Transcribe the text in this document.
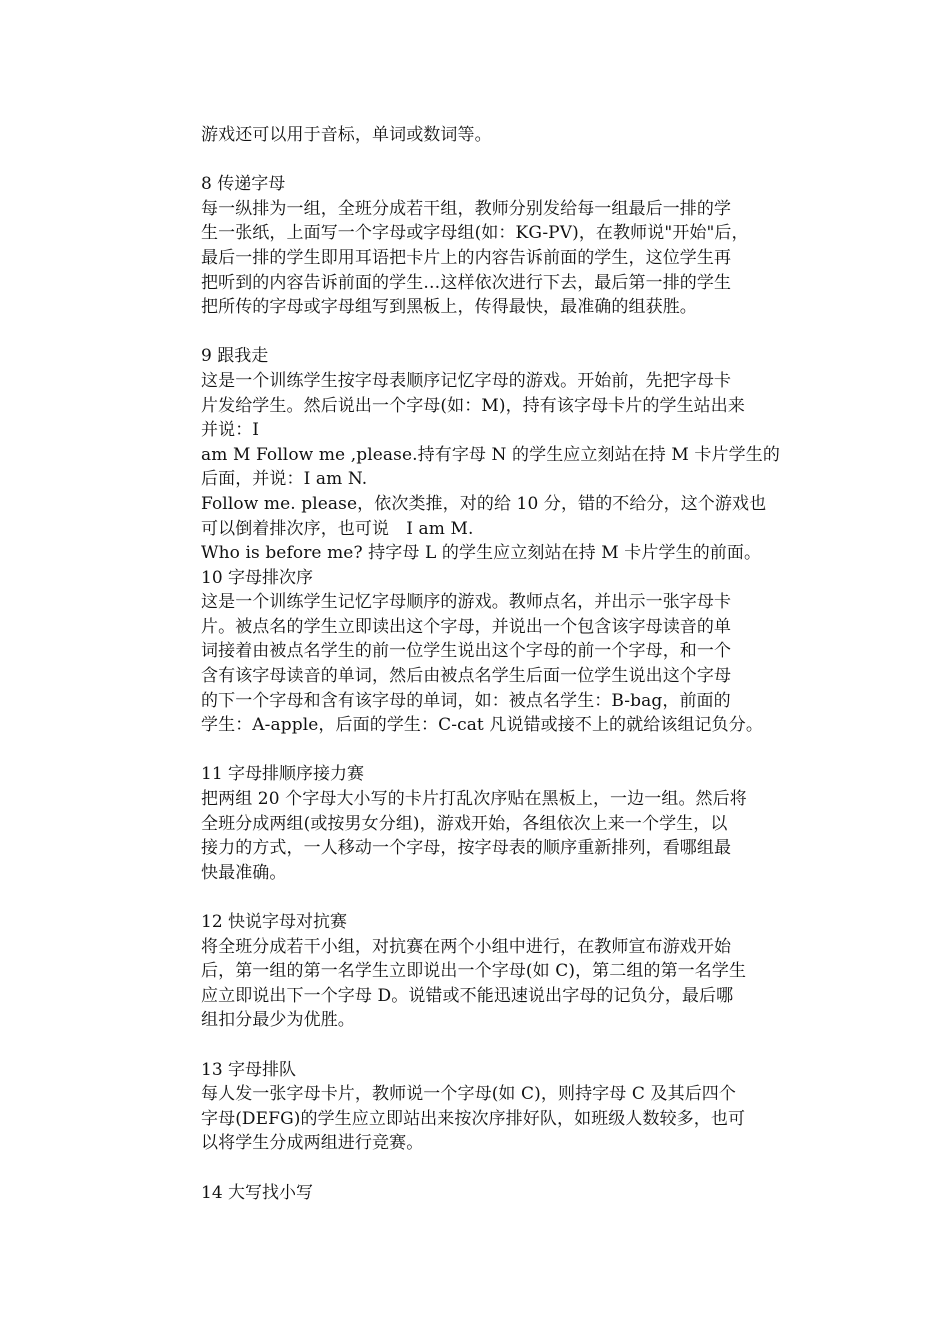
游戏还可以用于音标，单词或数词等。
8 传递字母
每一纵排为一组，全班分成若干组，教师分别发给每一组最后一排的学
生一张纸，上面写一个字母或字母组(如：KG-PV)，在教师说"开始"后，
最后一排的学生即用耳语把卡片上的内容告诉前面的学生，这位学生再
把听到的内容告诉前面的学生…这样依次进行下去，最后第一排的学生
把所传的字母或字母组写到黑板上，传得最快，最准确的组获胜。
9 跟我走
这是一个训练学生按字母表顺序记忆字母的游戏。开始前，先把字母卡
片发给学生。然后说出一个字母(如：M)，持有该字母卡片的学生站出来
并说：I
am M Follow me ,please.持有字母 N 的学生应立刻站在持 M 卡片学生的
后面，并说：I am N.
Follow me. please，依次类推，对的给 10 分，错的不给分，这个游戏也
可以倒着排次序，也可说　I am M.
Who is before me? 持字母 L 的学生应立刻站在持 M 卡片学生的前面。
10 字母排次序
这是一个训练学生记忆字母顺序的游戏。教师点名，并出示一张字母卡
片。被点名的学生立即读出这个字母，并说出一个包含该字母读音的单
词接着由被点名学生的前一位学生说出这个字母的前一个字母，和一个
含有该字母读音的单词，然后由被点名学生后面一位学生说出这个字母
的下一个字母和含有该字母的单词，如：被点名学生：B-bag，前面的
学生：A-apple，后面的学生：C-cat 凡说错或接不上的就给该组记负分。
11 字母排顺序接力赛
把两组 20 个字母大小写的卡片打乱次序贴在黑板上，一边一组。然后将
全班分成两组(或按男女分组)，游戏开始，各组依次上来一个学生，以
接力的方式，一人移动一个字母，按字母表的顺序重新排列，看哪组最
快最准确。
12 快说字母对抗赛
将全班分成若干小组，对抗赛在两个小组中进行，在教师宣布游戏开始
后，第一组的第一名学生立即说出一个字母(如 C)，第二组的第一名学生
应立即说出下一个字母 D。说错或不能迅速说出字母的记负分，最后哪
组扣分最少为优胜。
13 字母排队
每人发一张字母卡片，教师说一个字母(如 C)，则持字母 C 及其后四个
字母(DEFG)的学生应立即站出来按次序排好队，如班级人数较多，也可
以将学生分成两组进行竞赛。
14 大写找小写
